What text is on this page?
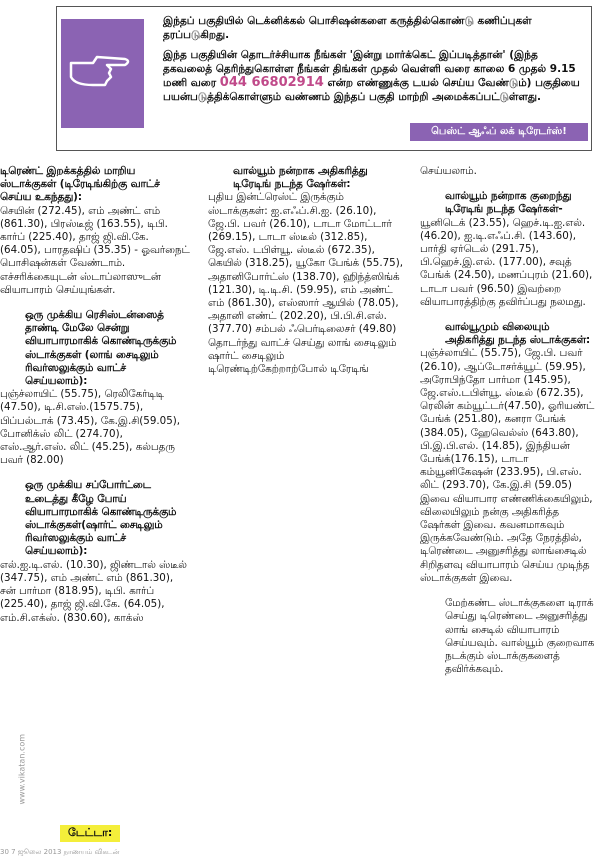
இந்தப் பகுதியில் டெக்னிக்கல் பொசிஷன்களை கருத்தில்கொண்டு கணிப்புகள் தரப்படுகிறது.

இந்த பகுதியின் தொடர்ச்சியாக நீங்கள் 'இன்று மார்க்கெட் இப்படித்தான்' (இந்த தகவலைத் தெரிந்துகொள்ள நீங்கள் திங்கள் முதல் வெள்ளி வரை காலை 6 முதல் 9.15 மணி வரை 044 66802914 என்ற எண்ணுக்கு டயல் செய்ய வேண்டும்) பகுதியை பயன்படுத்திக்கொள்ளும் வண்ணம் இந்தப் பகுதி மாற்றி அமைக்கப்பட்டுள்ளது.

பெஸ்ட் ஆஃப் லக் டிரேடர்ஸ்!

டிரெண்ட் இறக்கத்தில் மாறிய ஸ்டாக்குகள் (டிரேடிங்கிற்கு வாட்ச் செய்ய உகந்தது):

செயின் (272.45), எம் அண்ட் எம் (861.30), பிரஸ்டீஜ் (163.55), டிபி. கார்ப் (225.40), தாஜ் ஜி.வி.கே. (64.05), பாரதஷிப் (35.35) - ஓவர்நைட் பொசிஷன்கள் வேண்டாம். எச்சரிக்கையுடன் ஸ்டாப்லாஸுடன் வியாபாரம் செய்யுங்கள்.

ஒரு முக்கிய ரெசிஸ்டன்ஸைத் தாண்டி மேலே சென்று வியாபாரமாகிக் கொண்டிருக்கும் ஸ்டாக்குகள் (லாங் சைடிலும் ரிவர்ஸலுக்கும் வாட்ச் செய்யலாம்):

புஞ்ச்லாயிட் (55.75), ரெலிகேர்டிடி (47.50), டி.சி.எஸ்.(1575.75), பிப்பல்டாக் (73.45), கே.இ.சி(59.05), போனிக்ஸ் லிட் (274.70), எஸ்.ஆர்.எஸ். லிட் (45.25), கல்பதரு பவர் (82.00)

ஒரு முக்கிய சப்போர்ட்டை உடைத்து கீழே போய் வியாபாரமாகிக் கொண்டிருக்கும் ஸ்டாக்குகள்(ஷார்ட் சைடிலும் ரிவர்ஸலுக்கும் வாட்ச் செய்யலாம்):

எல்.ஐ.டி.எல். (10.30), ஜிண்டால் ஸ்டீல் (347.75), எம் அண்ட் எம் (861.30), சன் பார்மா (818.95), டிபி. கார்ப் (225.40), தாஜ் ஜி.வி.கே. (64.05), எம்.சி.எக்ஸ். (830.60), காக்ஸ்

வால்யூம் நன்றாக அதிகரித்து டிரேடிங் நடந்த ஷேர்கள்:

புதிய இன்ட்ரெஸ்ட் இருக்கும் ஸ்டாக்குகள்: ஐ.எஃப்.சி.ஐ. (26.10), ஜே.பி. பவர் (26.10), டாடா மோட்டார் (269.15), டாடா ஸ்டீல் (312.85), ஜே.எஸ். டபிள்யூ. ஸ்டீல் (672.35), கெயில் (318.25), யூகோ பேங்க் (55.75), அதானிபோர்ட்ஸ் (138.70), ஹிந்த்ஸிங்க் (121.30), டி.டி.சி. (59.95), எம் அண்ட் எம் (861.30), எஸ்ஸார் ஆயில் (78.05), அதானி எண்ட் (202.20), பி.பி.சி.எல். (377.70) சம்பல் ஃபெர்டிலைசர் (49.80) தொடர்ந்து வாட்ச் செய்து லாங் சைடிலும் ஷார்ட் சைடிலும் டிரெண்டிற்கேற்றாற்போல் டிரேடிங்

செய்யலாம்.

வால்யூம் நன்றாக குறைந்து டிரேடிங் நடந்த ஷேர்கள்-

யூனிடெக் (23.55), ஹெச்.டி.ஐ.எல். (46.20), ஐ.டி.எஃப்.சி. (143.60), பார்தி ஏர்டெல் (291.75), பி.ஹெச்.இ.எல். (177.00), சவுத் பேங்க் (24.50), மணப்புரம் (21.60), டாடா பவர் (96.50) இவற்றை வியாபாரத்திற்கு தவிர்ப்பது நலமது.

வால்யூமும் விலையும் அதிகரித்து நடந்த ஸ்டாக்குகள்:

புஞ்ச்லாயிட் (55.75), ஜே.பி. பவர் (26.10), ஆப்டோசர்க்யூட் (59.95), அரோபிந்தோ பார்மா (145.95), ஜே.எஸ்.டபிள்யூ. ஸ்டீல் (672.35), ரெலின் கம்யூட்டர்(47.50), ஓரியண்ட் பேங்க் (251.80), கனரா பேங்க் (384.05), ஹேவெல்ஸ் (643.80), பி.இ.பி.எல். (14.85), இந்தியன் பேங்க்(176.15), டாடா கம்யூனிகேஷன் (233.95), பி.எஸ். லிட் (293.70), கே.இ.சி (59.05) இவை வியாபார எண்ணிக்கையிலும், விலையிலும் நன்கு அதிகரித்த ஷேர்கள் இவை. கவனமாகவும் இருக்கவேண்டும். அதே நேரத்தில், டிரெண்டை அனுசரித்து லாங்சைடில் சிறிதளவு வியாபாரம் செய்ய முடிந்த ஸ்டாக்குகள் இவை.

மேற்கண்ட ஸ்டாக்குகளை டிராக் செய்து டிரெண்டை அனுசரித்து லாங் சைடில் வியாபாரம் செய்யவும். வால்யூம் குறைவாக நடக்கும் ஸ்டாக்குகளைத் தவிர்க்கவும்.

டேட்டா:
www.vikatan.com
30 7 ஜூலை 2013 நாணயம் விகடன்
